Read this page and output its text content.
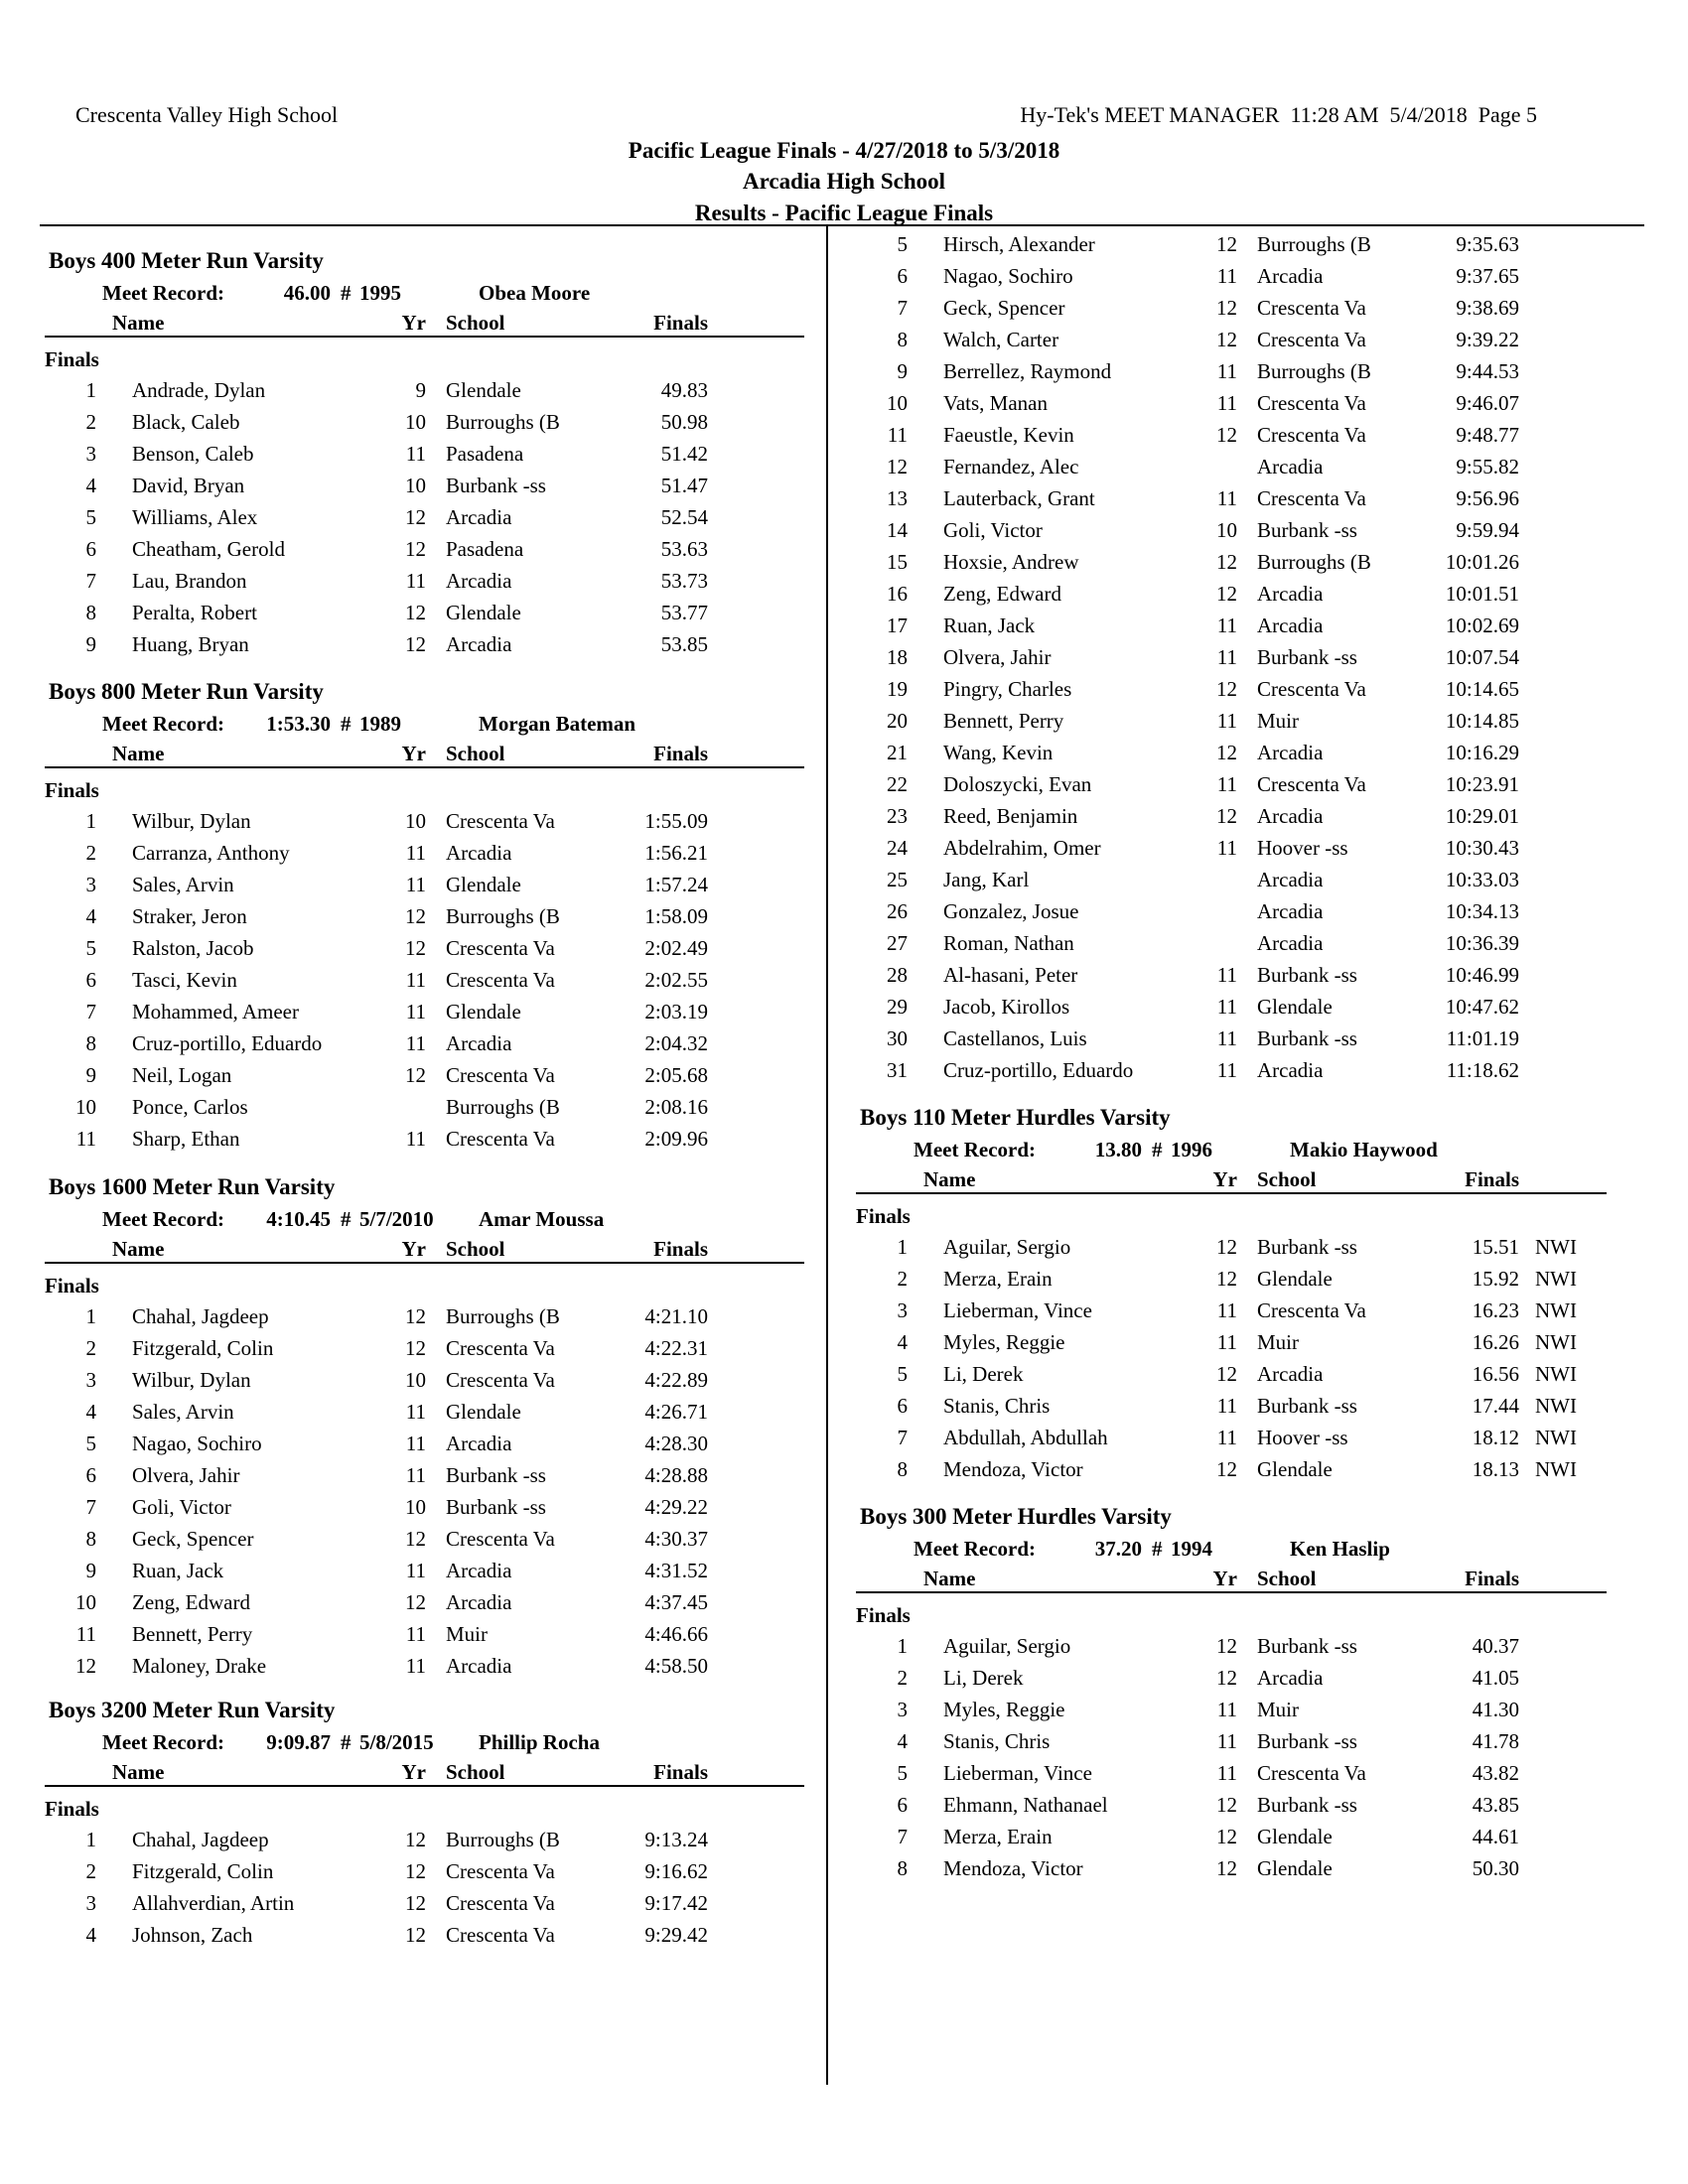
Crescenta Valley High School	Hy-Tek's MEET MANAGER  11:28 AM  5/4/2018  Page 5
Pacific League Finals - 4/27/2018 to 5/3/2018
Arcadia High School
Results - Pacific League Finals
Boys 400 Meter Run Varsity
Meet Record:	46.00 # 1995	Obea Moore
Name	Yr School	Finals
Finals
1 Andrade, Dylan	9 Glendale	49.83
2 Black, Caleb	10 Burroughs (B	50.98
3 Benson, Caleb	11 Pasadena	51.42
4 David, Bryan	10 Burbank -ss	51.47
5 Williams, Alex	12 Arcadia	52.54
6 Cheatham, Gerold	12 Pasadena	53.63
7 Lau, Brandon	11 Arcadia	53.73
8 Peralta, Robert	12 Glendale	53.77
9 Huang, Bryan	12 Arcadia	53.85
Boys 800 Meter Run Varsity
Meet Record:	1:53.30 # 1989	Morgan Bateman
Name	Yr School	Finals
Finals
1 Wilbur, Dylan	10 Crescenta Va	1:55.09
2 Carranza, Anthony	11 Arcadia	1:56.21
3 Sales, Arvin	11 Glendale	1:57.24
4 Straker, Jeron	12 Burroughs (B	1:58.09
5 Ralston, Jacob	12 Crescenta Va	2:02.49
6 Tasci, Kevin	11 Crescenta Va	2:02.55
7 Mohammed, Ameer	11 Glendale	2:03.19
8 Cruz-portillo, Eduardo	11 Arcadia	2:04.32
9 Neil, Logan	12 Crescenta Va	2:05.68
10 Ponce, Carlos	Burroughs (B	2:08.16
11 Sharp, Ethan	11 Crescenta Va	2:09.96
Boys 1600 Meter Run Varsity
Meet Record:	4:10.45 # 5/7/2010 Amar Moussa
Name	Yr School	Finals
Finals
1 Chahal, Jagdeep	12 Burroughs (B	4:21.10
2 Fitzgerald, Colin	12 Crescenta Va	4:22.31
3 Wilbur, Dylan	10 Crescenta Va	4:22.89
4 Sales, Arvin	11 Glendale	4:26.71
5 Nagao, Sochiro	11 Arcadia	4:28.30
6 Olvera, Jahir	11 Burbank -ss	4:28.88
7 Goli, Victor	10 Burbank -ss	4:29.22
8 Geck, Spencer	12 Crescenta Va	4:30.37
9 Ruan, Jack	11 Arcadia	4:31.52
10 Zeng, Edward	12 Arcadia	4:37.45
11 Bennett, Perry	11 Muir	4:46.66
12 Maloney, Drake	11 Arcadia	4:58.50
Boys 3200 Meter Run Varsity
Meet Record:	9:09.87 # 5/8/2015 Phillip Rocha
Name	Yr School	Finals
Finals
1 Chahal, Jagdeep	12 Burroughs (B	9:13.24
2 Fitzgerald, Colin	12 Crescenta Va	9:16.62
3 Allahverdian, Artin	12 Crescenta Va	9:17.42
4 Johnson, Zach	12 Crescenta Va	9:29.42
5 Hirsch, Alexander	12 Burroughs (B	9:35.63
6 Nagao, Sochiro	11 Arcadia	9:37.65
7 Geck, Spencer	12 Crescenta Va	9:38.69
8 Walch, Carter	12 Crescenta Va	9:39.22
9 Berrellez, Raymond	11 Burroughs (B	9:44.53
10 Vats, Manan	11 Crescenta Va	9:46.07
11 Faeustle, Kevin	12 Crescenta Va	9:48.77
12 Fernandez, Alec	Arcadia	9:55.82
13 Lauterback, Grant	11 Crescenta Va	9:56.96
14 Goli, Victor	10 Burbank -ss	9:59.94
15 Hoxsie, Andrew	12 Burroughs (B	10:01.26
16 Zeng, Edward	12 Arcadia	10:01.51
17 Ruan, Jack	11 Arcadia	10:02.69
18 Olvera, Jahir	11 Burbank -ss	10:07.54
19 Pingry, Charles	12 Crescenta Va	10:14.65
20 Bennett, Perry	11 Muir	10:14.85
21 Wang, Kevin	12 Arcadia	10:16.29
22 Doloszycki, Evan	11 Crescenta Va	10:23.91
23 Reed, Benjamin	12 Arcadia	10:29.01
24 Abdelrahim, Omer	11 Hoover -ss	10:30.43
25 Jang, Karl	Arcadia	10:33.03
26 Gonzalez, Josue	Arcadia	10:34.13
27 Roman, Nathan	Arcadia	10:36.39
28 Al-hasani, Peter	11 Burbank -ss	10:46.99
29 Jacob, Kirollos	11 Glendale	10:47.62
30 Castellanos, Luis	11 Burbank -ss	11:01.19
31 Cruz-portillo, Eduardo	11 Arcadia	11:18.62
Boys 110 Meter Hurdles Varsity
Meet Record:	13.80 # 1996	Makio Haywood
Name	Yr School	Finals
Finals
1 Aguilar, Sergio	12 Burbank -ss	15.51 NWI
2 Merza, Erain	12 Glendale	15.92 NWI
3 Lieberman, Vince	11 Crescenta Va	16.23 NWI
4 Myles, Reggie	11 Muir	16.26 NWI
5 Li, Derek	12 Arcadia	16.56 NWI
6 Stanis, Chris	11 Burbank -ss	17.44 NWI
7 Abdullah, Abdullah	11 Hoover -ss	18.12 NWI
8 Mendoza, Victor	12 Glendale	18.13 NWI
Boys 300 Meter Hurdles Varsity
Meet Record:	37.20 # 1994	Ken Haslip
Name	Yr School	Finals
Finals
1 Aguilar, Sergio	12 Burbank -ss	40.37
2 Li, Derek	12 Arcadia	41.05
3 Myles, Reggie	11 Muir	41.30
4 Stanis, Chris	11 Burbank -ss	41.78
5 Lieberman, Vince	11 Crescenta Va	43.82
6 Ehmann, Nathanael	12 Burbank -ss	43.85
7 Merza, Erain	12 Glendale	44.61
8 Mendoza, Victor	12 Glendale	50.30
